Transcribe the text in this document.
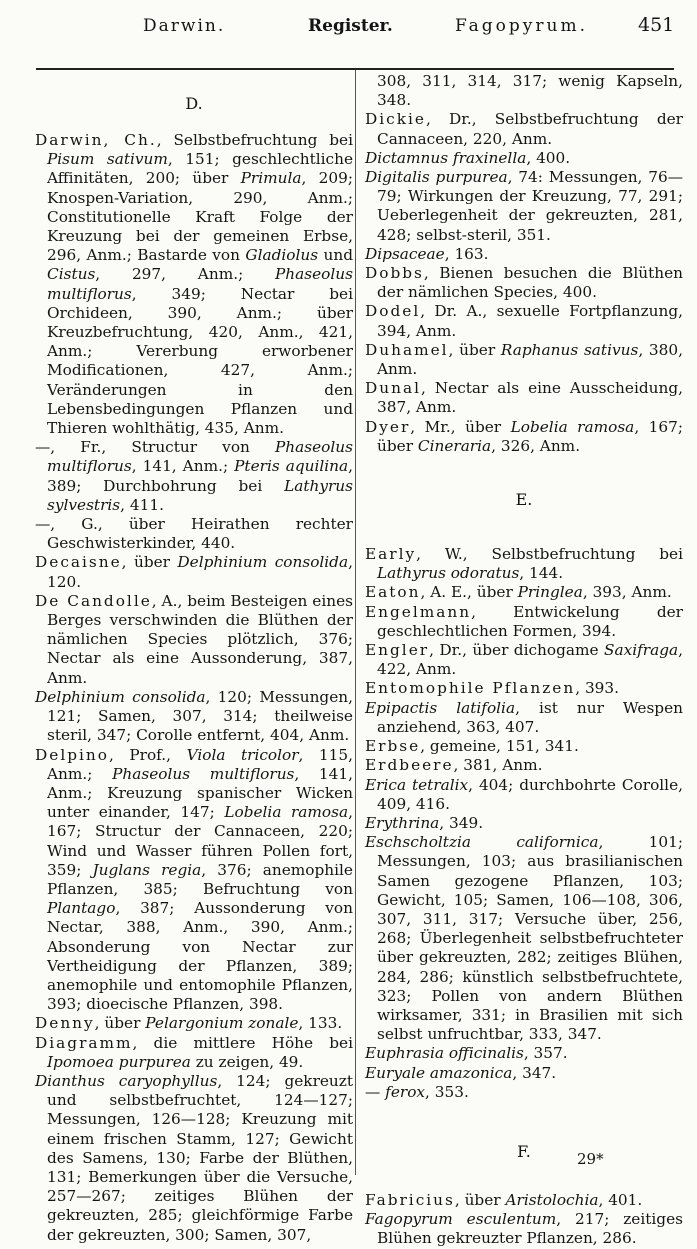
Darwin.	Register.	Fagopyrum.	451
D.

Darwin, Ch., Selbstbefruchtung bei Pisum sativum, 151; geschlechtliche Affinitäten, 200; über Primula, 209; Knospen-Variation, 290, Anm.; Constitutionelle Kraft Folge der Kreuzung bei der gemeinen Erbse, 296, Anm.; Bastarde von Gladiolus und Cistus, 297, Anm.; Phaseolus multiflorus, 349; Nectar bei Orchideen, 390, Anm.; über Kreuzbefruchtung, 420, Anm., 421, Anm.; Vererbung erworbener Modificationen, 427, Anm.; Veränderungen in den Lebensbedingungen Pflanzen und Thieren wohlthätig, 435, Anm.

—, Fr., Structur von Phaseolus multiflorus, 141, Anm.; Pteris aquilina, 389; Durchbohrung bei Lathyrus sylvestris, 411.

—, G., über Heirathen rechter Geschwisterkinder, 440.

Decaisne, über Delphinium consolida, 120.

De Candolle, A., beim Besteigen eines Berges verschwinden die Blüthen der nämlichen Species plötzlich, 376; Nectar als eine Aussonderung, 387, Anm.

Delphinium consolida, 120; Messungen, 121; Samen, 307, 314; theilweise steril, 347; Corolle entfernt, 404, Anm.

Delpino, Prof., Viola tricolor, 115, Anm.; Phaseolus multiflorus, 141, Anm.; Kreuzung spanischer Wicken unter einander, 147; Lobelia ramosa, 167; Structur der Cannaceen, 220; Wind und Wasser führen Pollen fort, 359; Juglans regia, 376; anemophile Pflanzen, 385; Befruchtung von Plantago, 387; Aussonderung von Nectar, 388, Anm., 390, Anm.; Absonderung von Nectar zur Vertheidigung der Pflanzen, 389; anemophile und entomophile Pflanzen, 393; dioecische Pflanzen, 398.

Denny, über Pelargonium zonale, 133.

Diagramm, die mittlere Höhe bei Ipomoea purpurea zu zeigen, 49.

Dianthus caryophyllus, 124; gekreuzt und selbstbefruchtet, 124—127; Messungen, 126—128; Kreuzung mit einem frischen Stamm, 127; Gewicht des Samens, 130; Farbe der Blüthen, 131; Bemerkungen über die Versuche, 257—267; zeitiges Blühen der gekreuzten, 285; gleichförmige Farbe der gekreuzten, 300; Samen, 307,

308, 311, 314, 317; wenig Kapseln, 348.

Dickie, Dr., Selbstbefruchtung der Cannaceen, 220, Anm.

Dictamnus fraxinella, 400.

Digitalis purpurea, 74: Messungen, 76—79; Wirkungen der Kreuzung, 77, 291; Ueberlegenheit der gekreuzten, 281, 428; selbst-steril, 351.

Dipsaceae, 163.

Dobbs, Bienen besuchen die Blüthen der nämlichen Species, 400.

Dodel, Dr. A., sexuelle Fortpflanzung, 394, Anm.

Duhamel, über Raphanus sativus, 380, Anm.

Dunal, Nectar als eine Ausscheidung, 387, Anm.

Dyer, Mr., über Lobelia ramosa, 167; über Cineraria, 326, Anm.

E.

Early, W., Selbstbefruchtung bei Lathyrus odoratus, 144.

Eaton, A. E., über Pringlea, 393, Anm.

Engelmann, Entwickelung der geschlechtlichen Formen, 394.

Engler, Dr., über dichogame Saxifraga, 422, Anm.

Entomophile Pflanzen, 393.

Epipactis latifolia, ist nur Wespen anziehend, 363, 407.

Erbse, gemeine, 151, 341.

Erdbeere, 381, Anm.

Erica tetralix, 404; durchbohrte Corolle, 409, 416.

Erythrina, 349.

Eschscholtzia californica, 101; Messungen, 103; aus brasilianischen Samen gezogene Pflanzen, 103; Gewicht, 105; Samen, 106—108, 306, 307, 311, 317; Versuche über, 256, 268; Überlegenheit selbstbefruchteter über gekreuzten, 282; zeitiges Blühen, 284, 286; künstlich selbstbefruchtete, 323; Pollen von andern Blüthen wirksamer, 331; in Brasilien mit sich selbst unfruchtbar, 333, 347.

Euphrasia officinalis, 357.

Euryale amazonica, 347.

— ferox, 353.

F.

Fabricius, über Aristolochia, 401.

Fagopyrum esculentum, 217; zeitiges Blühen gekreuzter Pflanzen, 286.

29*
